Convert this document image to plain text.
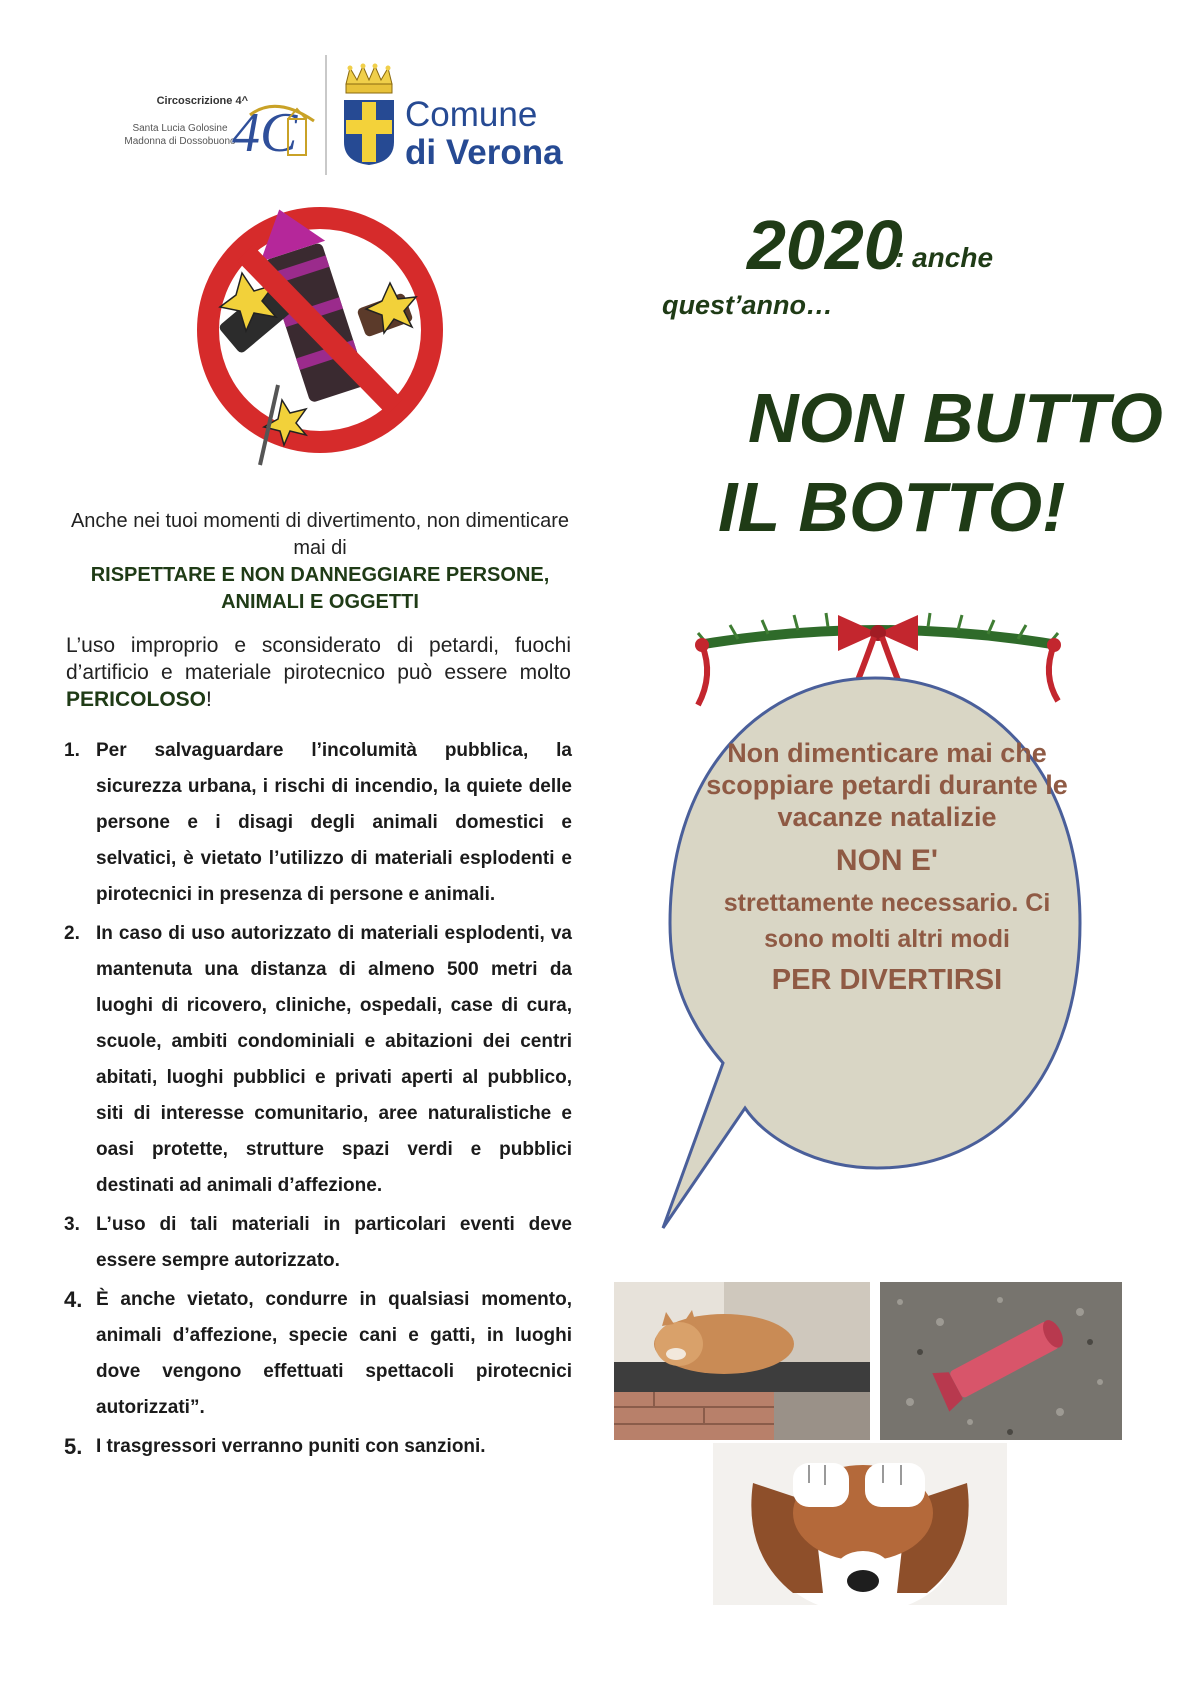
Circoscrizione 4^
Santa Lucia Golosine
Madonna di Dossobuono
4C	Comune
di Verona
2020
: anche
quest’anno…
NON BUTTO
IL BOTTO!
Anche nei tuoi momenti di divertimento, non dimenticare mai di
RISPETTARE E NON DANNEGGIARE PERSONE, ANIMALI E OGGETTI
L’uso improprio e sconsiderato di petardi, fuochi d’artificio e materiale pirotecnico può essere molto PERICOLOSO!
1. Per salvaguardare l’incolumità pubblica, la sicurezza urbana, i rischi di incendio, la quiete delle persone e i disagi degli animali domestici e selvatici, è vietato l’utilizzo di materiali esplodenti e pirotecnici in presenza di persone e animali.
2. In caso di uso autorizzato di materiali esplodenti, va mantenuta una distanza di almeno 500 metri da luoghi di ricovero, cliniche, ospedali, case di cura, scuole, ambiti condominiali e abitazioni dei centri abitati, luoghi pubblici e privati aperti al pubblico, siti di interesse comunitario, aree naturalistiche e oasi protette, strutture spazi verdi e pubblici destinati ad animali d’affezione.
3. L’uso di tali materiali in particolari eventi deve essere sempre autorizzato.
4. È anche vietato, condurre in qualsiasi momento, animali d’affezione, specie cani e gatti, in luoghi dove vengono effettuati spettacoli pirotecnici autorizzati”.
5. I trasgressori verranno puniti con sanzioni.
Non dimenticare mai che scoppiare petardi durante le vacanze natalizie
NON E'
strettamente necessario. Ci sono molti altri modi
PER DIVERTIRSI
